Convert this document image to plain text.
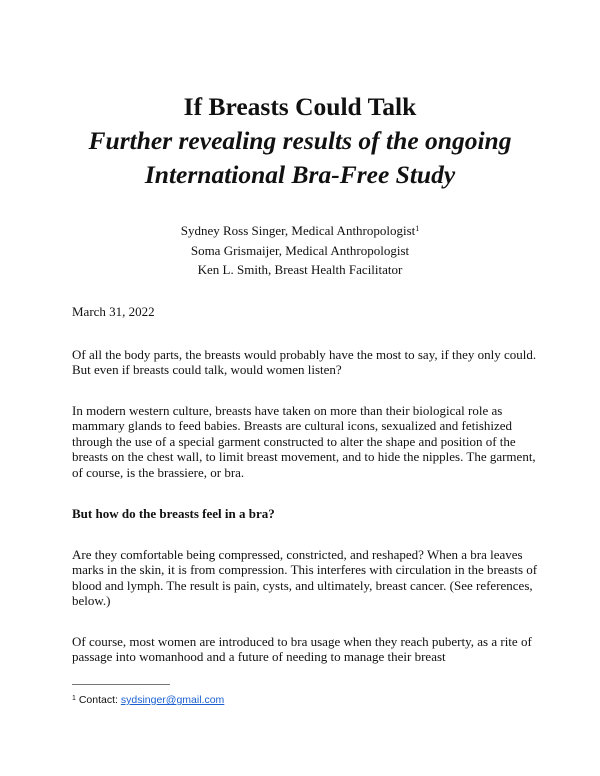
If Breasts Could Talk
Further revealing results of the ongoing
International Bra-Free Study
Sydney Ross Singer, Medical Anthropologist$^1$
Soma Grismaijer, Medical Anthropologist
Ken L. Smith, Breast Health Facilitator
March 31, 2022

Of all the body parts, the breasts would probably have the most to say, if they only could. But even if breasts could talk, would women listen?

In modern western culture, breasts have taken on more than their biological role as mammary glands to feed babies. Breasts are cultural icons, sexualized and fetishized through the use of a special garment constructed to alter the shape and position of the breasts on the chest wall, to limit breast movement, and to hide the nipples. The garment, of course, is the brassiere, or bra.

But how do the breasts feel in a bra?

Are they comfortable being compressed, constricted, and reshaped? When a bra leaves marks in the skin, it is from compression. This interferes with circulation in the breasts of blood and lymph. The result is pain, cysts, and ultimately, breast cancer. (See references, below.)

Of course, most women are introduced to bra usage when they reach puberty, as a rite of passage into womanhood and a future of needing to manage their breast

$^1$ Contact: sydsinger@gmail.com
